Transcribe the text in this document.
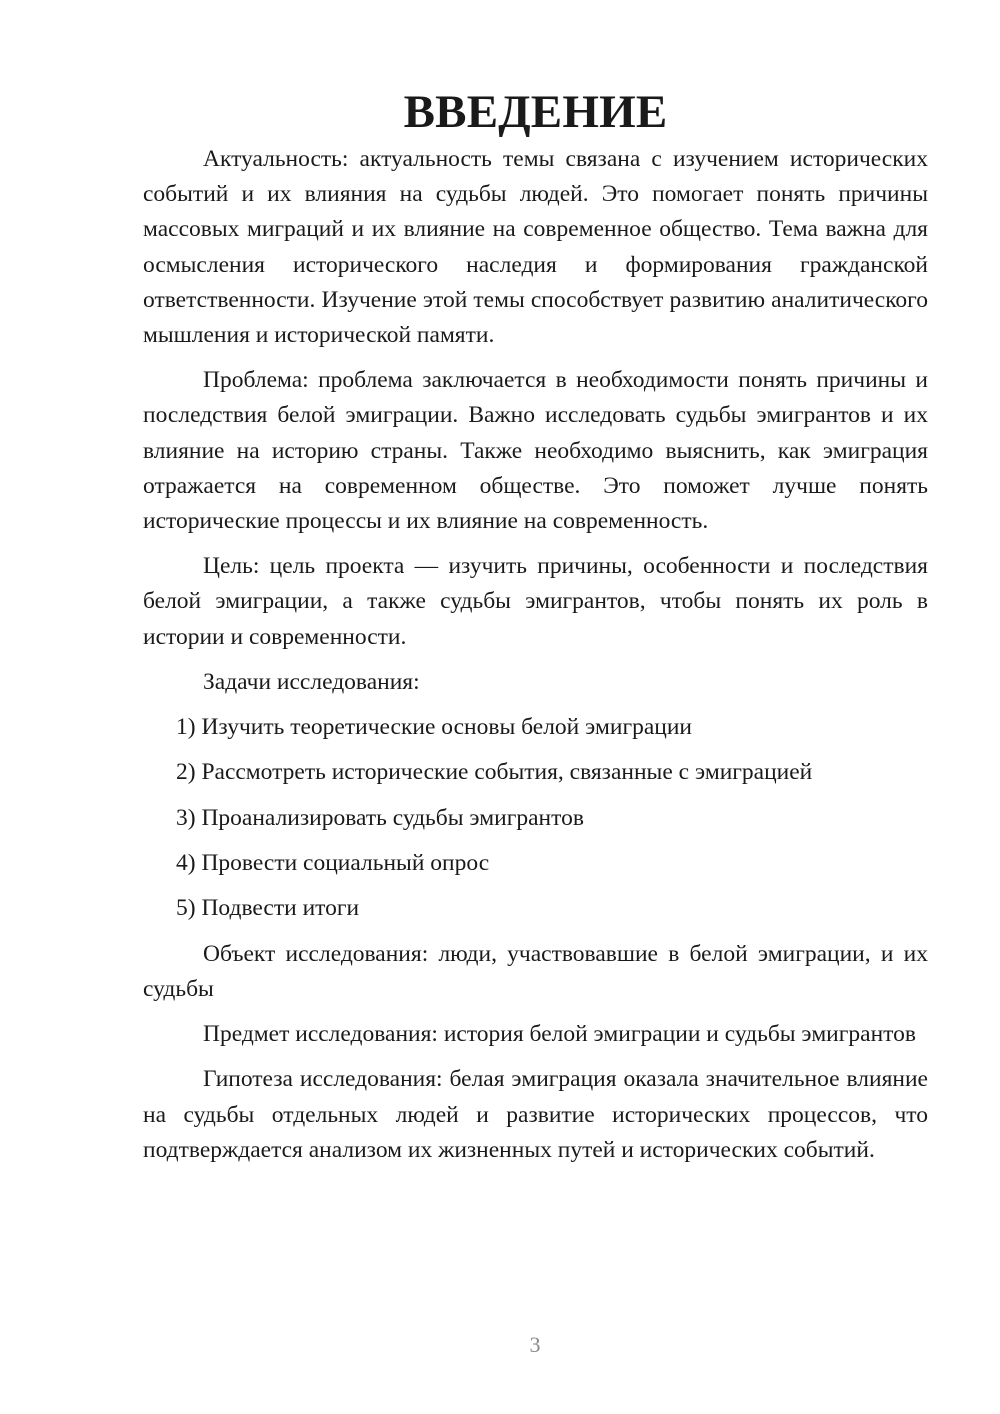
ВВЕДЕНИЕ

Актуальность: актуальность темы связана с изучением исторических событий и их влияния на судьбы людей. Это помогает понять причины массовых миграций и их влияние на современное общество. Тема важна для осмысления исторического наследия и формирования гражданской ответственности. Изучение этой темы способствует развитию аналитического мышления и исторической памяти.

Проблема: проблема заключается в необходимости понять причины и последствия белой эмиграции. Важно исследовать судьбы эмигрантов и их влияние на историю страны. Также необходимо выяснить, как эмиграция отражается на современном обществе. Это поможет лучше понять исторические процессы и их влияние на современность.

Цель: цель проекта — изучить причины, особенности и последствия белой эмиграции, а также судьбы эмигрантов, чтобы понять их роль в истории и современности.

Задачи исследования:

1) Изучить теоретические основы белой эмиграции
2) Рассмотреть исторические события, связанные с эмиграцией
3) Проанализировать судьбы эмигрантов
4) Провести социальный опрос
5) Подвести итоги

Объект исследования: люди, участвовавшие в белой эмиграции, и их судьбы

Предмет исследования: история белой эмиграции и судьбы эмигрантов

Гипотеза исследования: белая эмиграция оказала значительное влияние на судьбы отдельных людей и развитие исторических процессов, что подтверждается анализом их жизненных путей и исторических событий.

3
